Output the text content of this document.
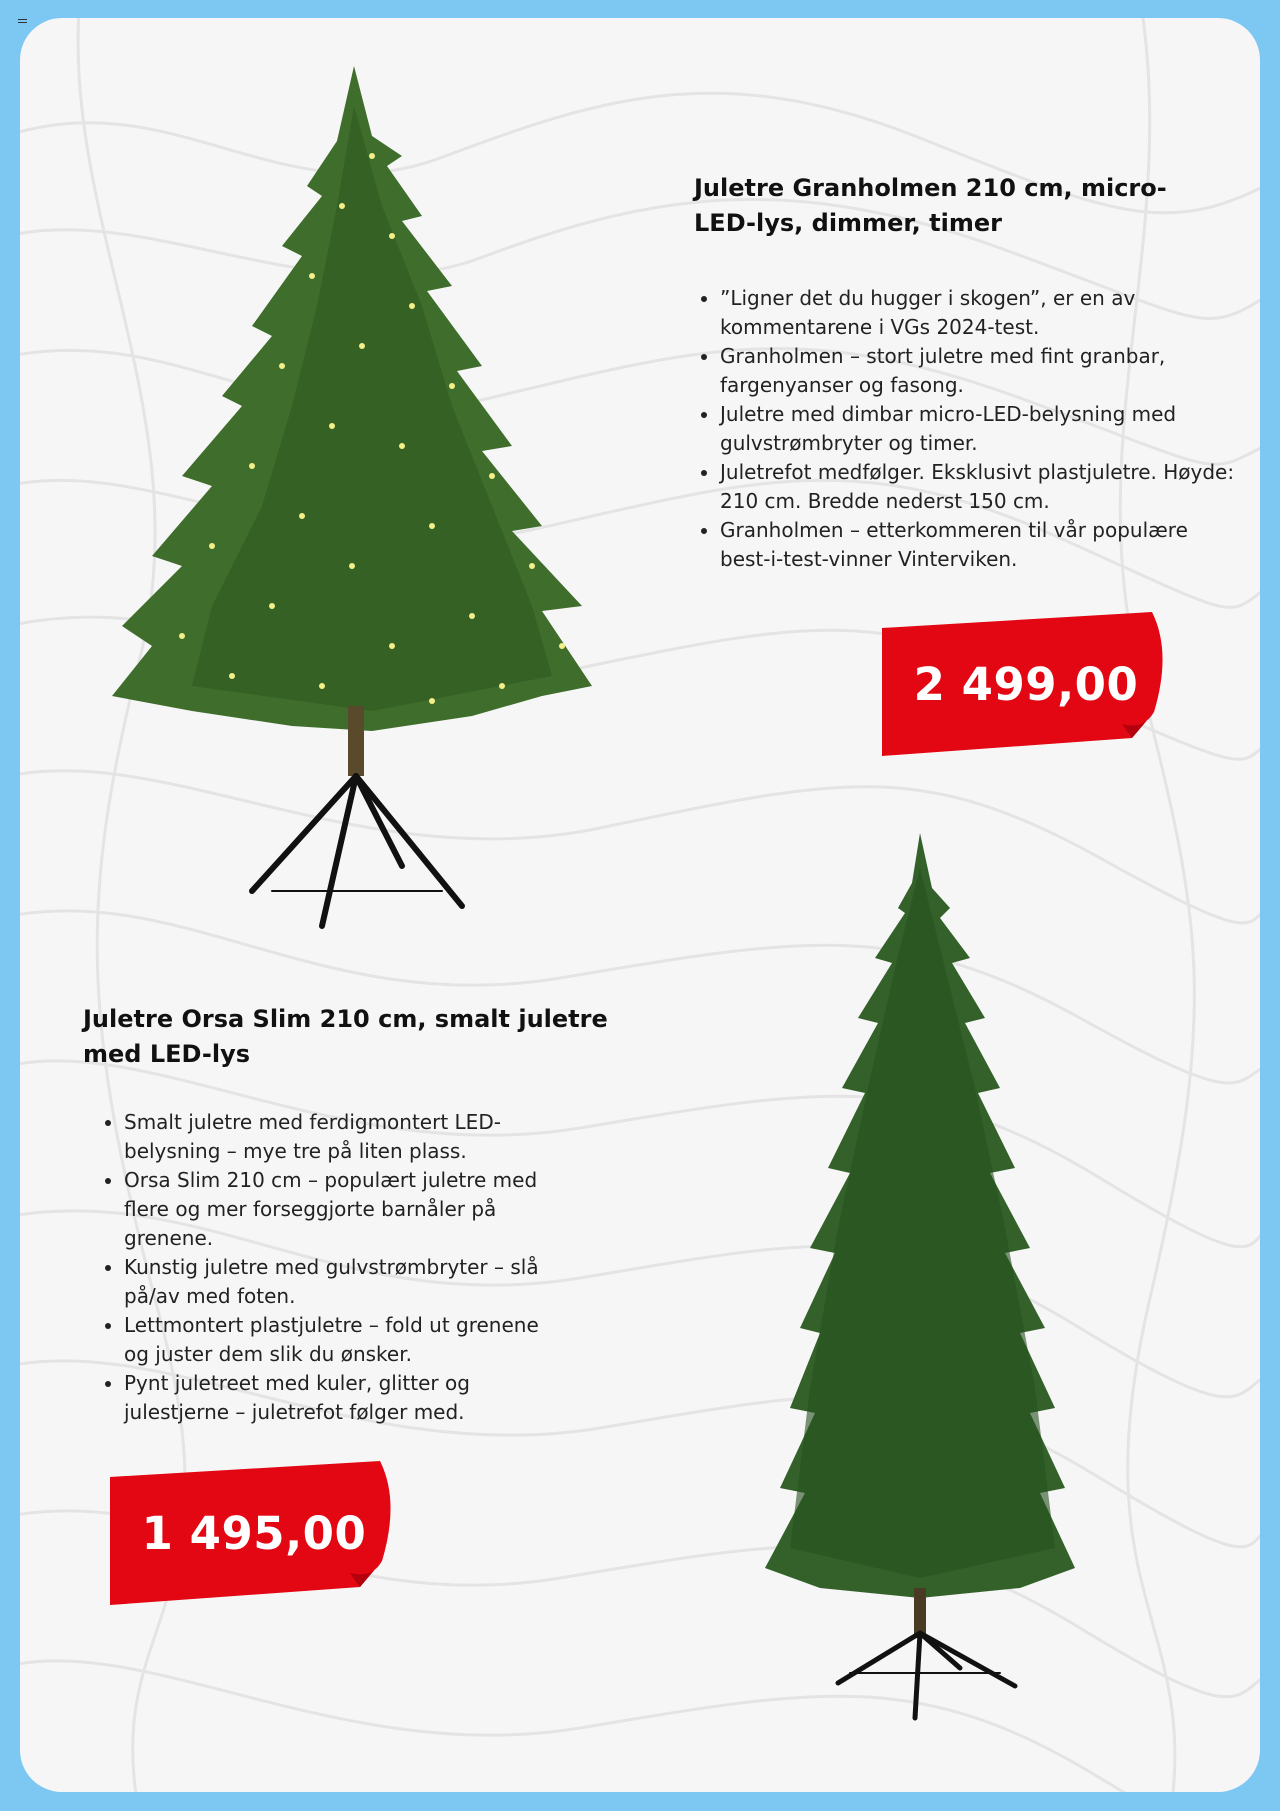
Juletre Granholmen 210 cm, micro-
LED-lys, dimmer, timer
• ”Ligner det du hugger i skogen”, er en av kommentarene i VGs 2024-test.
• Granholmen – stort juletre med fint granbar, fargenyanser og fasong.
• Juletre med dimbar micro-LED-belysning med gulvstrømbryter og timer.
• Juletrefot medfølger. Eksklusivt plastjuletre. Høyde: 210 cm. Bredde nederst 150 cm.
• Granholmen – etterkommeren til vår populære best-i-test-vinner Vinterviken.
2 499,00
Juletre Orsa Slim 210 cm, smalt juletre
med LED-lys
• Smalt juletre med ferdigmontert LED-belysning – mye tre på liten plass.
• Orsa Slim 210 cm – populært juletre med flere og mer forseggjorte barnåler på grenene.
• Kunstig juletre med gulvstrømbryter – slå på/av med foten.
• Lettmontert plastjuletre – fold ut grenene og juster dem slik du ønsker.
• Pynt juletreet med kuler, glitter og julestjerne – juletrefot følger med.
1 495,00
